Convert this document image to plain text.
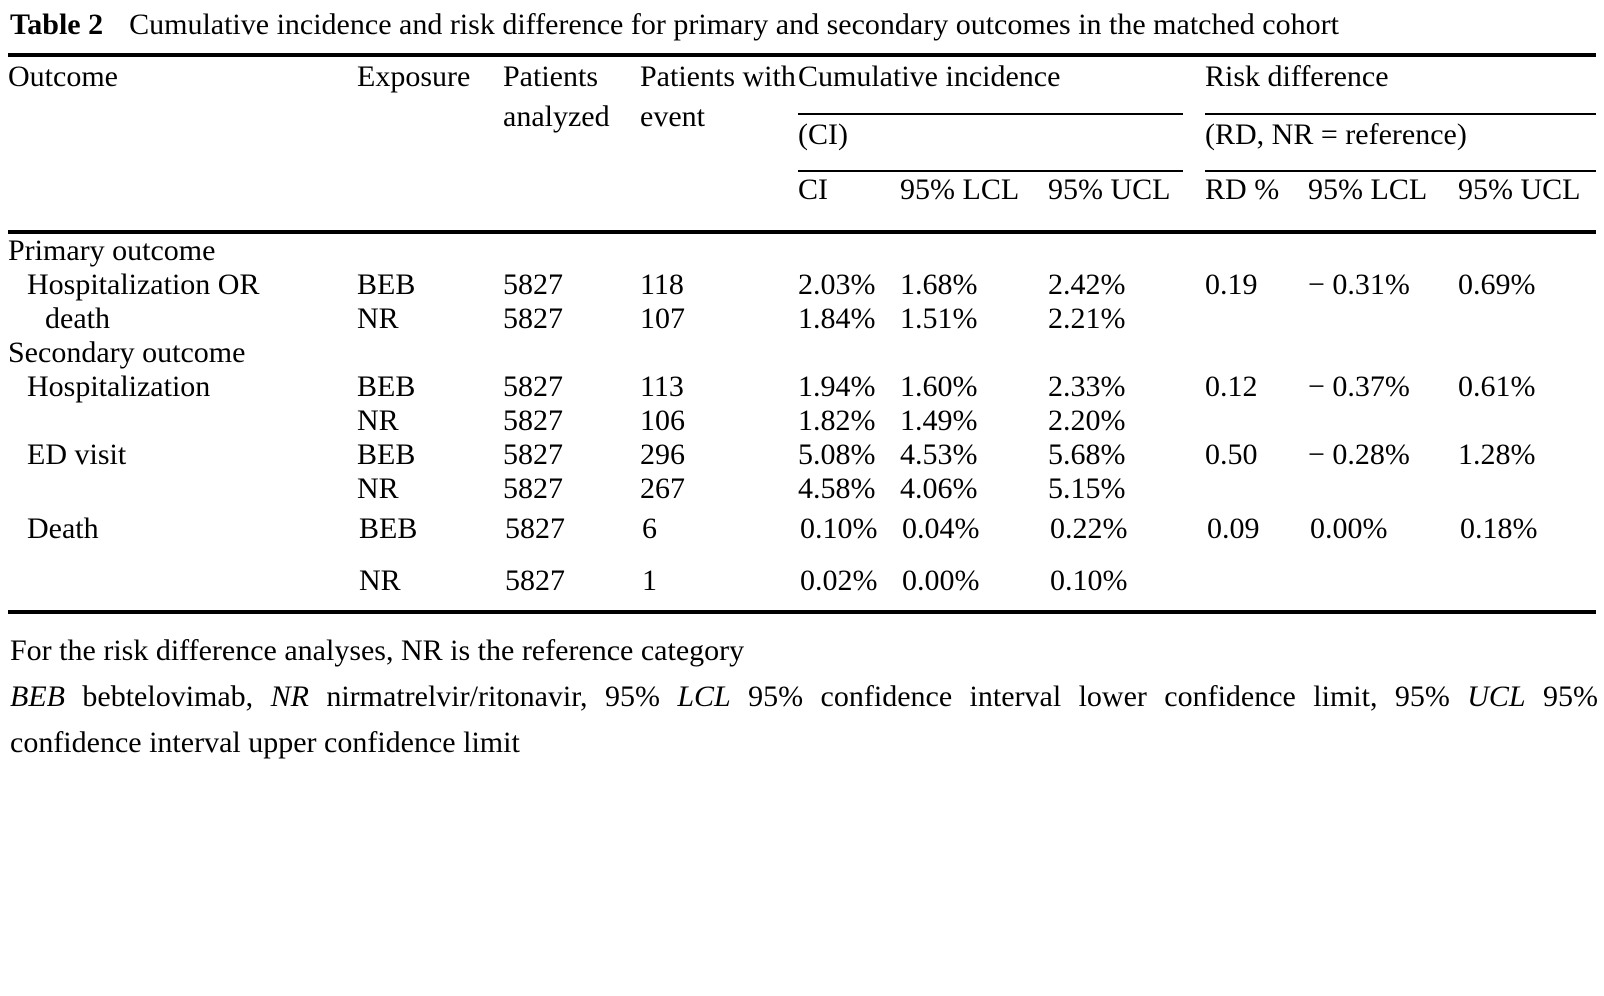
Table 2 Cumulative incidence and risk difference for primary and secondary outcomes in the matched cohort
Outcome	Exposure	Patients analyzed	Patients with event	Cumulative incidence			Risk difference		

				(CI)			(RD, NR = reference)		

				CI	95% LCL	95% UCL	RD %	95% LCL	95% UCL
Primary outcome									

Hospitalization OR
death	BEB	5827	118	2.03%	1.68%	2.42%	0.19	− 0.31%	0.69%
	NR	5827	107	1.84%	1.51%	2.21%			
Secondary outcome									

Hospitalization	BEB	5827	113	1.94%	1.60%	2.33%	0.12	− 0.37%	0.61%
	NR	5827	106	1.82%	1.49%	2.20%			

ED visit	BEB	5827	296	5.08%	4.53%	5.68%	0.50	− 0.28%	1.28%
	NR	5827	267	4.58%	4.06%	5.15%			

Death	BEB	5827	6	0.10%	0.04%	0.22%	0.09	0.00%	0.18%
	NR	5827	1	0.02%	0.00%	0.10%			
For the risk difference analyses, NR is the reference category
BEB bebtelovimab, NR nirmatrelvir/ritonavir, 95% LCL 95% confidence interval lower confidence limit, 95% UCL 95% confidence interval upper confidence limit
